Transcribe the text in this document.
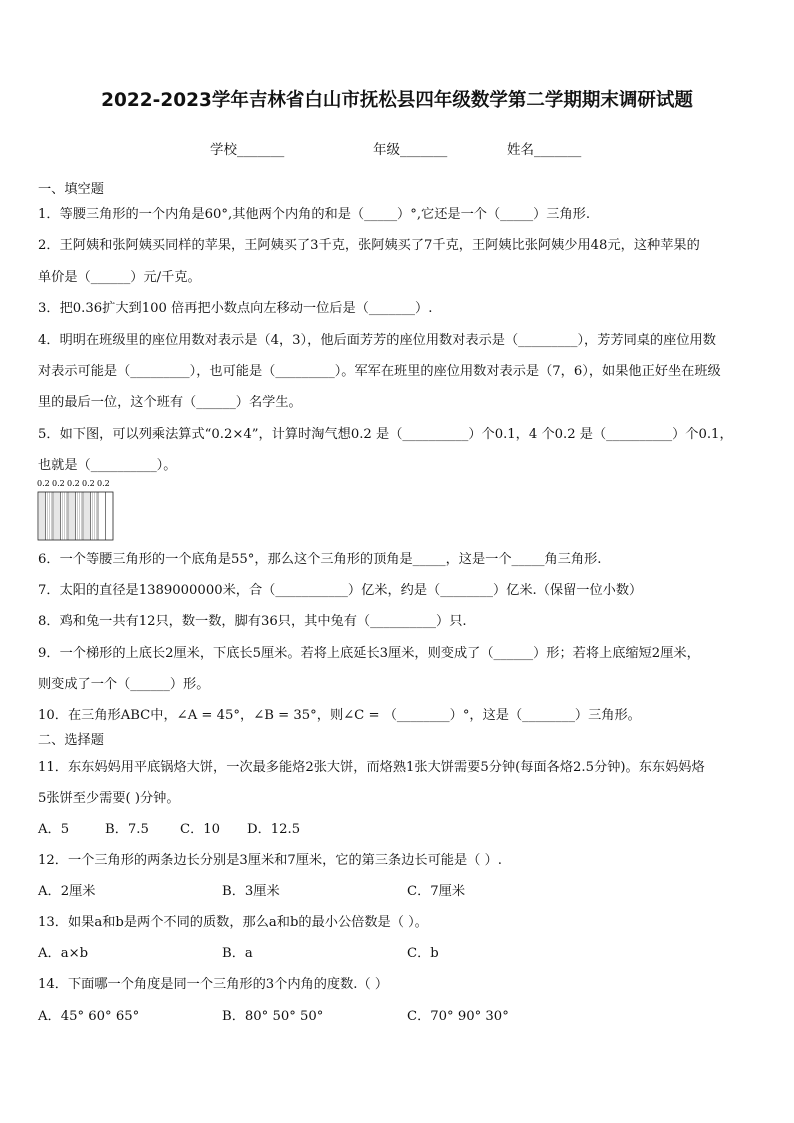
2022-2023学年吉林省白山市抚松县四年级数学第二学期期末调研试题
学校_______	年级_______	姓名_______
一、填空题
1．等腰三角形的一个内角是60°,其他两个内角的和是（_____）°,它还是一个（_____）三角形.
2．王阿姨和张阿姨买同样的苹果，王阿姨买了3千克，张阿姨买了7千克，王阿姨比张阿姨少用48元，这种苹果的
单价是（______）元/千克。
3．把0.36扩大到100 倍再把小数点向左移动一位后是（_______）.
4．明明在班级里的座位用数对表示是（4，3），他后面芳芳的座位用数对表示是（_________），芳芳同桌的座位用数
对表示可能是（_________），也可能是（_________）。军军在班里的座位用数对表示是（7，6），如果他正好坐在班级
里的最后一位，这个班有（______）名学生。
5．如下图，可以列乘法算式“0.2×4”，计算时淘气想0.2 是（__________）个0.1，4 个0.2 是（__________）个0.1，
也就是（__________）。
0.2 0.2 0.2 0.2 0.2
6．一个等腰三角形的一个底角是55°，那么这个三角形的顶角是_____，这是一个_____角三角形.
7．太阳的直径是1389000000米，合（___________）亿米，约是（________）亿米.（保留一位小数）
8．鸡和兔一共有12只，数一数，脚有36只，其中兔有（__________）只.
9．一个梯形的上底长2厘米，下底长5厘米。若将上底延长3厘米，则变成了（______）形；若将上底缩短2厘米，
则变成了一个（______）形。
10．在三角形ABC中，∠A = 45°，∠B = 35°，则∠C = （________）°，这是（________）三角形。
二、选择题
11．东东妈妈用平底锅烙大饼，一次最多能烙2张大饼，而烙熟1张大饼需要5分钟(每面各烙2.5分钟)。东东妈妈烙
5张饼至少需要( )分钟。
A．5	B．7.5 C．10 D．12.5
12．一个三角形的两条边长分别是3厘米和7厘米，它的第三条边长可能是（ ）.
A．2厘米	B．3厘米	C．7厘米
13．如果a和b是两个不同的质数，那么a和b的最小公倍数是（ ）。
A．a×b	B．a	C．b
14．下面哪一个角度是同一个三角形的3个内角的度数.（ ）
A．45° 60° 65°	B．80° 50° 50°	C．70° 90° 30°
